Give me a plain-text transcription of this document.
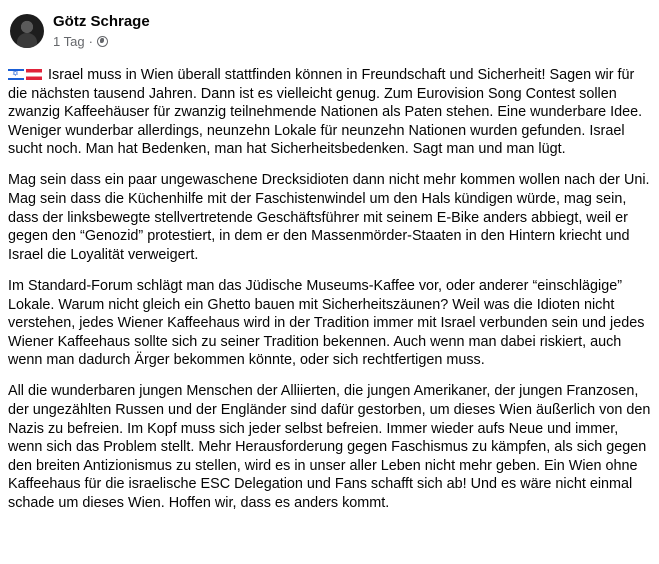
Götz Schrage
1 Tag ·

✡Israel muss in Wien überall stattfinden können in Freundschaft und Sicherheit! Sagen wir für die nächsten tausend Jahren. Dann ist es vielleicht genug. Zum Eurovision Song Contest sollen zwanzig Kaffeehäuser für zwanzig teilnehmende Nationen als Paten stehen. Eine wunderbare Idee. Weniger wunderbar allerdings, neunzehn Lokale für neunzehn Nationen wurden gefunden. Israel sucht noch. Man hat Bedenken, man hat Sicherheitsbedenken. Sagt man und man lügt.

Mag sein dass ein paar ungewaschene Drecksidioten dann nicht mehr kommen wollen nach der Uni. Mag sein dass die Küchenhilfe mit der Faschistenwindel um den Hals kündigen würde, mag sein, dass der linksbewegte stellvertretende Geschäftsführer mit seinem E-Bike anders abbiegt, weil er gegen den “Genozid” protestiert, in dem er den Massenmörder-Staaten in den Hintern kriecht und Israel die Loyalität verweigert.

Im Standard-Forum schlägt man das Jüdische Museums-Kaffee vor, oder anderer “einschlägige” Lokale. Warum nicht gleich ein Ghetto bauen mit Sicherheitszäunen? Weil was die Idioten nicht verstehen, jedes Wiener Kaffeehaus wird in der Tradition immer mit Israel verbunden sein und jedes Wiener Kaffeehaus sollte sich zu seiner Tradition bekennen. Auch wenn man dabei riskiert, auch wenn man dadurch Ärger bekommen könnte, oder sich rechtfertigen muss.

All die wunderbaren jungen Menschen der Alliierten, die jungen Amerikaner, der jungen Franzosen, der ungezählten Russen und der Engländer sind dafür gestorben, um dieses Wien äußerlich von den Nazis zu befreien. Im Kopf muss sich jeder selbst befreien. Immer wieder aufs Neue und immer, wenn sich das Problem stellt. Mehr Herausforderung gegen Faschismus zu kämpfen, als sich gegen den breiten Antizionismus zu stellen, wird es in unser aller Leben nicht mehr geben. Ein Wien ohne Kaffeehaus für die israelische ESC Delegation und Fans schafft sich ab! Und es wäre nicht einmal schade um dieses Wien. Hoffen wir, dass es anders kommt.
